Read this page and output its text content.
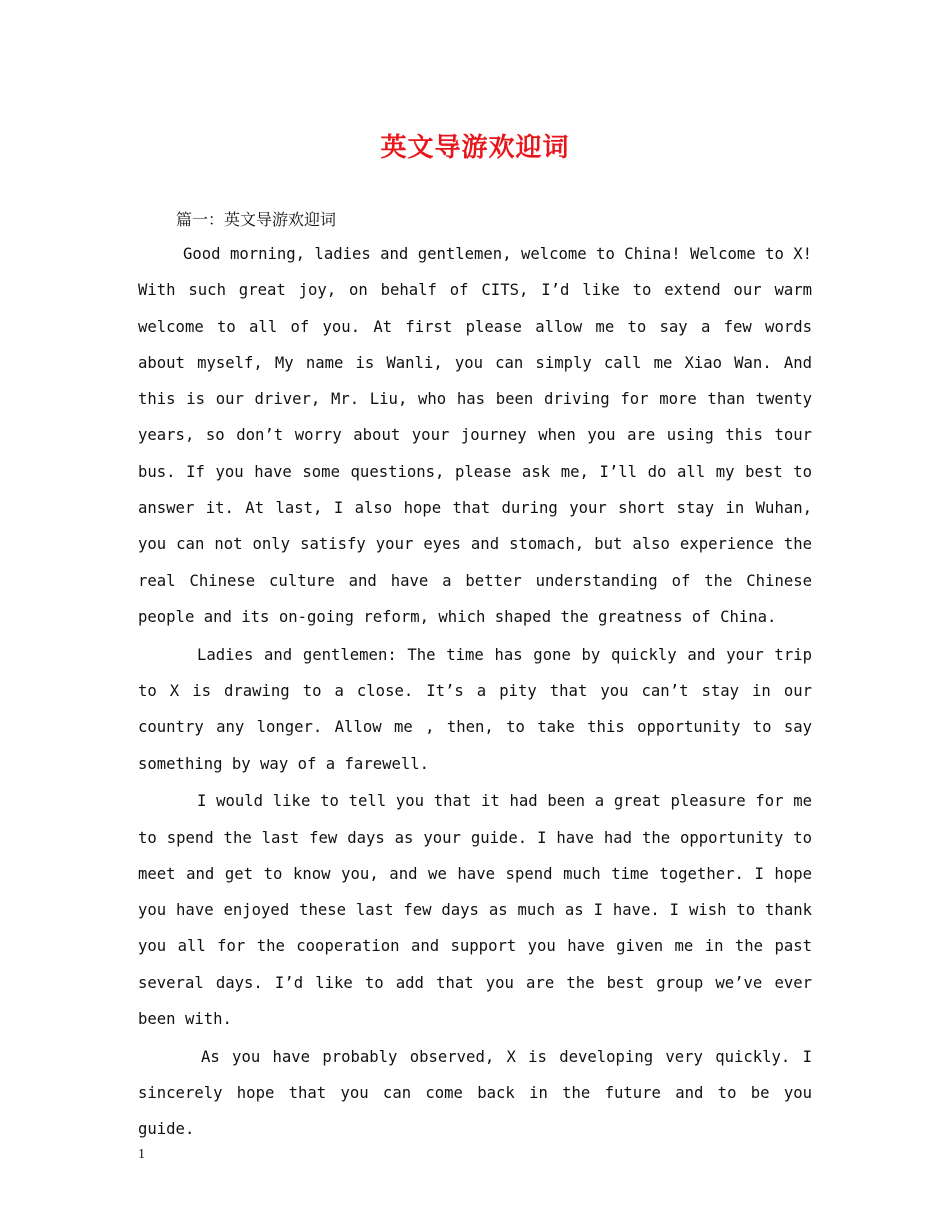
英文导游欢迎词
篇一：英文导游欢迎词

Good morning, ladies and gentlemen, welcome to China! Welcome to X! With such great joy, on behalf of CITS, I’d like to extend our warm welcome to all of you. At first please allow me to say a few words about myself, My name is Wanli, you can simply call me Xiao Wan. And this is our driver, Mr. Liu, who has been driving for more than twenty years, so don’t worry about your journey when you are using this tour bus. If you have some questions, please ask me, I’ll do all my best to answer it. At last, I also hope that during your short stay in Wuhan, you can not only satisfy your eyes and stomach, but also experience the real Chinese culture and have a better understanding of the Chinese people and its on-going reform, which shaped the greatness of China.

Ladies and gentlemen: The time has gone by quickly and your trip to X is drawing to a close. It’s a pity that you can’t stay in our country any longer. Allow me , then, to take this opportunity to say something by way of a farewell.

I would like to tell you that it had been a great pleasure for me to spend the last few days as your guide. I have had the opportunity to meet and get to know you, and we have spend much time together. I hope you have enjoyed these last few days as much as I have. I wish to thank you all for the cooperation and support you have given me in the past several days. I’d like to add that you are the best group we’ve ever been with.

As you have probably observed, X is developing very quickly. I sincerely hope that you can come back in the future and to be you guide.

1
